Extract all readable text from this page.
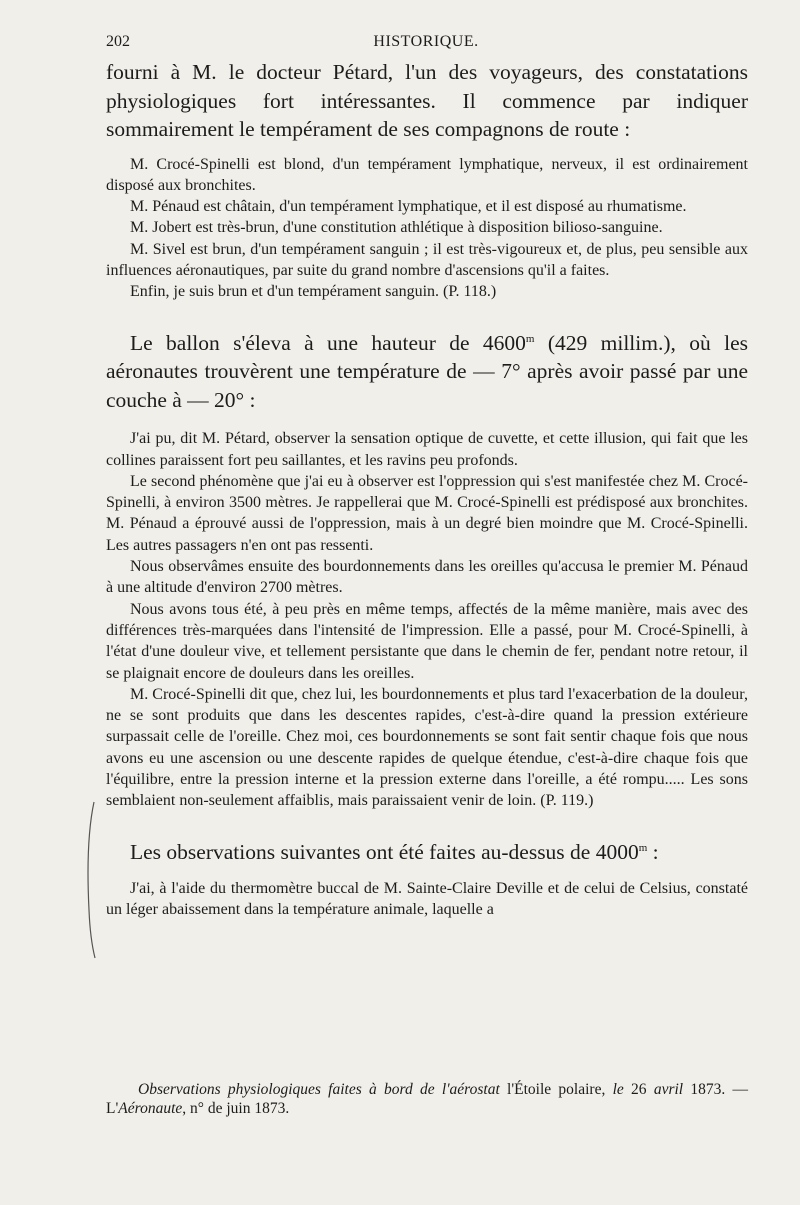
202	HISTORIQUE.

fourni à M. le docteur Pétard, l'un des voyageurs, des constatations physiologiques fort intéressantes. Il commence par indiquer sommairement le tempérament de ses compagnons de route :

M. Crocé-Spinelli est blond, d'un tempérament lymphatique, nerveux, il est ordinairement disposé aux bronchites.

M. Pénaud est châtain, d'un tempérament lymphatique, et il est disposé au rhumatisme.

M. Jobert est très-brun, d'une constitution athlétique à disposition bilioso-sanguine.

M. Sivel est brun, d'un tempérament sanguin ; il est très-vigoureux et, de plus, peu sensible aux influences aéronautiques, par suite du grand nombre d'ascensions qu'il a faites.

Enfin, je suis brun et d'un tempérament sanguin. (P. 118.)

Le ballon s'éleva à une hauteur de 4600$^m$ (429 millim.), où les aéronautes trouvèrent une température de — 7° après avoir passé par une couche à — 20° :

J'ai pu, dit M. Pétard, observer la sensation optique de cuvette, et cette illusion, qui fait que les collines paraissent fort peu saillantes, et les ravins peu profonds.

Le second phénomène que j'ai eu à observer est l'oppression qui s'est manifestée chez M. Crocé-Spinelli, à environ 3500 mètres. Je rappellerai que M. Crocé-Spinelli est prédisposé aux bronchites. M. Pénaud a éprouvé aussi de l'oppression, mais à un degré bien moindre que M. Crocé-Spinelli. Les autres passagers n'en ont pas ressenti.

Nous observâmes ensuite des bourdonnements dans les oreilles qu'accusa le premier M. Pénaud à une altitude d'environ 2700 mètres.

Nous avons tous été, à peu près en même temps, affectés de la même manière, mais avec des différences très-marquées dans l'intensité de l'impression. Elle a passé, pour M. Crocé-Spinelli, à l'état d'une douleur vive, et tellement persistante que dans le chemin de fer, pendant notre retour, il se plaignait encore de douleurs dans les oreilles.

M. Crocé-Spinelli dit que, chez lui, les bourdonnements et plus tard l'exacerbation de la douleur, ne se sont produits que dans les descentes rapides, c'est-à-dire quand la pression extérieure surpassait celle de l'oreille. Chez moi, ces bourdonnements se sont fait sentir chaque fois que nous avons eu une ascension ou une descente rapides de quelque étendue, c'est-à-dire chaque fois que l'équilibre, entre la pression interne et la pression externe dans l'oreille, a été rompu..... Les sons semblaient non-seulement affaiblis, mais paraissaient venir de loin. (P. 119.)

Les observations suivantes ont été faites au-dessus de 4000$^m$ :

J'ai, à l'aide du thermomètre buccal de M. Sainte-Claire Deville et de celui de Celsius, constaté un léger abaissement dans la température animale, laquelle a

Observations physiologiques faites à bord de l'aérostat l'Étoile polaire, le 26 avril 1873. — L'Aéronaute, n° de juin 1873.
